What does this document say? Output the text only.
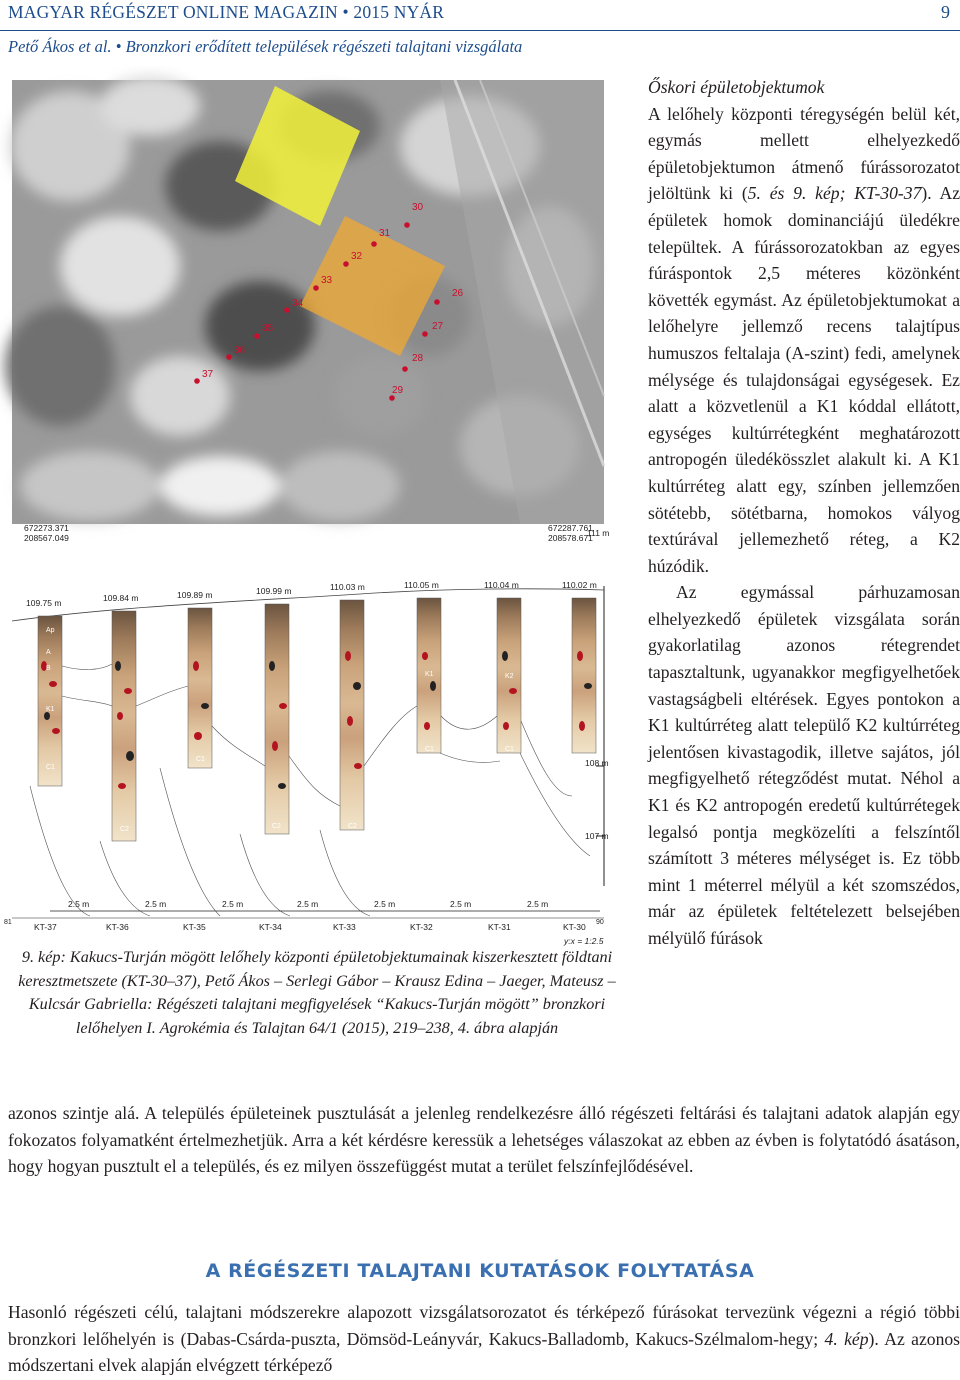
MAGYAR RÉGÉSZET ONLINE MAGAZIN • 2015 NYÁR	9
Pető Ákos et al. • Bronzkori erődített települések régészeti talajtani vizsgálata
26
27
28
29
30
31
32
33
34
35
36
37
672273.371
208567.049
672287.761
208578.671
111 m
108 m
107 m
109.75 m	109.84 m	109.89 m	109.99 m	110.03 m	110.05 m	110.04 m	110.02 m
Ap
A
B
K1
C1
C2
C1
C2	C2
C1	C1
K1	K2
2.5 m	2.5 m	2.5 m	2.5 m	2.5 m	2.5 m	2.5 m
81	90
KT-37	KT-36	KT-35	KT-34	KT-33	KT-32	KT-31	KT-30
y:x = 1:2.5
9. kép: Kakucs-Turján mögött lelőhely központi épületobjektumainak kiszerkesztett földtani keresztmetszete (KT-30–37), Pető Ákos – Serlegi Gábor – Krausz Edina – Jaeger, Mateusz – Kulcsár Gabriella: Régészeti talajtani megfigyelések “Kakucs-Turján mögött” bronzkori lelőhelyen I. Agrokémia és Talajtan 64/1 (2015), 219–238, 4. ábra alapján

Őskori épületobjektumok

A lelőhely központi téregységén belül két, egymás mellett elhelyezkedő épületobjektumon átmenő fúrássorozatot jelöltünk ki (5. és 9. kép; KT-30-37). Az épületek homok dominanciájú üledékre települtek. A fúrássorozatokban az egyes fúráspontok 2,5 méteres közönként követték egymást. Az épületobjektumokat a lelőhelyre jellemző recens talajtípus humuszos feltalaja (A-szint) fedi, amelynek mélysége és tulajdonságai egységesek. Ez alatt a közvetlenül a K1 kóddal ellátott, egységes kultúrrétegként meghatározott antropogén üledékösszlet alakult ki. A K1 kultúrréteg alatt egy, színben jellemzően sötétebb, sötétbarna, homokos vályog textúrával jellemezhető réteg, a K2 húzódik.

Az egymással párhuzamosan elhelyezkedő épületek vizsgálata során gyakorlatilag azonos rétegrendet tapasztaltunk, ugyanakkor megfigyelhetőek vastagságbeli eltérések. Egyes pontokon a K1 kultúrréteg alatt települő K2 kultúrréteg jelentősen kivastagodik, illetve sajátos, jól megfigyelhető rétegződést mutat. Néhol a K1 és K2 antropogén eredetű kultúrrétegek legalsó pontja megközelíti a felszíntől számított 3 méteres mélységet is. Ez több mint 1 méterrel mélyül a két szomszédos, már az épületek feltételezett belsejében mélyülő fúrások

azonos szintje alá. A település épületeinek pusztulását a jelenleg rendelkezésre álló régészeti feltárási és talajtani adatok alapján egy fokozatos folyamatként értelmezhetjük. Arra a két kérdésre keressük a lehetséges válaszokat az ebben az évben is folytatódó ásatáson, hogy hogyan pusztult el a település, és ez milyen összefüggést mutat a terület felszínfejlődésével.

A RÉGÉSZETI TALAJTANI KUTATÁSOK FOLYTATÁSA

Hasonló régészeti célú, talajtani módszerekre alapozott vizsgálatsorozatot és térképező fúrásokat tervezünk végezni a régió többi bronzkori lelőhelyén is (Dabas-Csárda-puszta, Dömsöd-Leányvár, Kakucs-Balladomb, Kakucs-Szélmalom-hegy; 4. kép). Az azonos módszertani elvek alapján elvégzett térképező
